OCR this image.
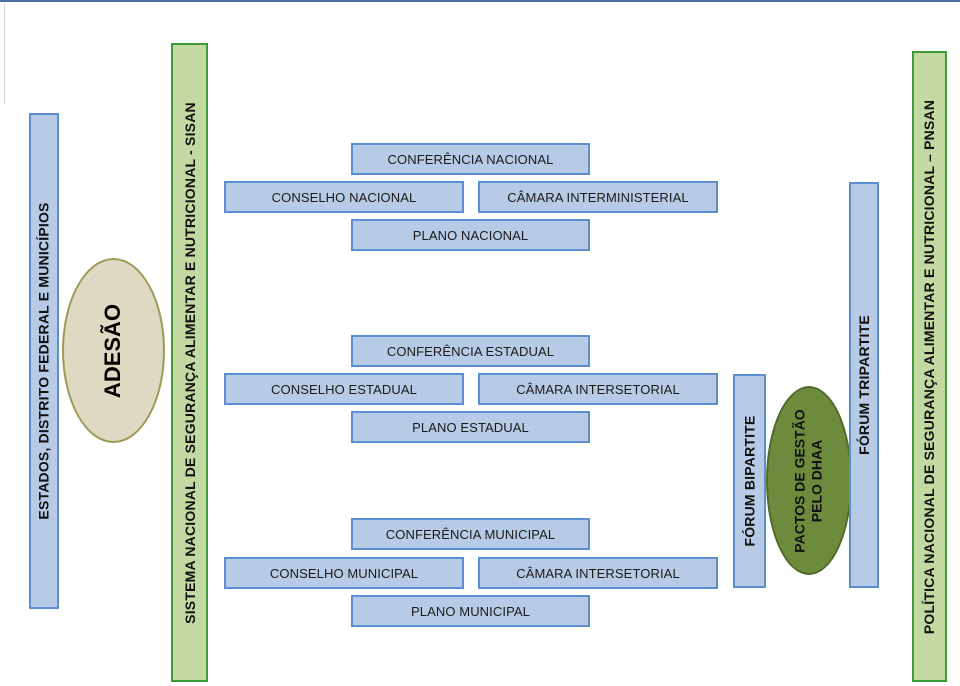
ESTADOS, DISTRITO FEDERAL E MUNICÍPIOS ADESÃO	SISTEMA NACIONAL DE SEGURANÇA ALIMENTAR E NUTRICIONAL - SISAN	CONFERÊNCIA NACIONAL
CONSELHO NACIONAL	CÂMARA INTERMINISTERIAL
PLANO NACIONAL
CONFERÊNCIA ESTADUAL
CONSELHO ESTADUAL	CÂMARA INTERSETORIAL
PLANO ESTADUAL
CONFERÊNCIA MUNICIPAL
CONSELHO MUNICIPAL	CÂMARA INTERSETORIAL
PLANO MUNICIPAL
FÓRUM BIPARTITE PACTOS DE GESTÃO
PELO DHAA
FÓRUM TRIPARTITE	POLÍTICA NACIONAL DE SEGURANÇA ALIMENTAR E NUTRICIONAL – PNSAN
